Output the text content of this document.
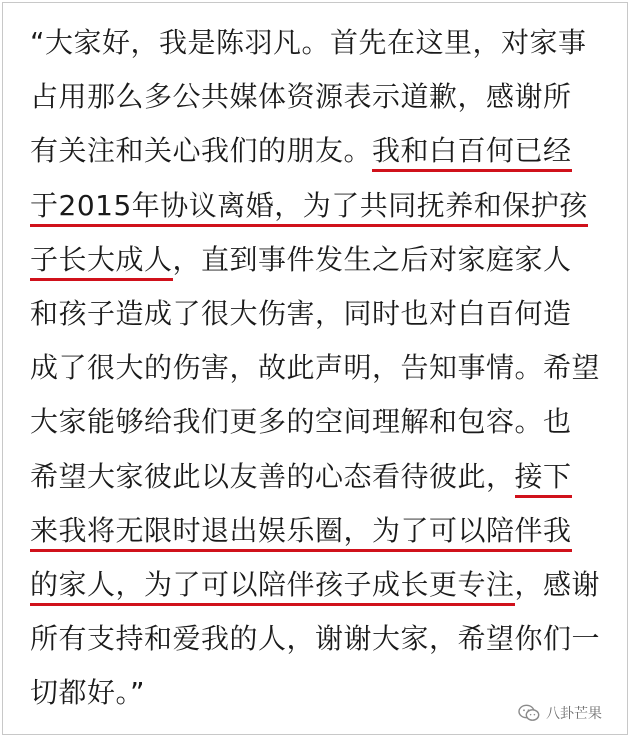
“大家好，我是陈羽凡。首先在这里，对家事
占用那么多公共媒体资源表示道歉，感谢所
有关注和关心我们的朋友。我和白百何已经
于2015年协议离婚，为了共同抚养和保护孩
子长大成人，直到事件发生之后对家庭家人
和孩子造成了很大伤害，同时也对白百何造
成了很大的伤害，故此声明，告知事情。希望
大家能够给我们更多的空间理解和包容。也
希望大家彼此以友善的心态看待彼此，接下
来我将无限时退出娱乐圈，为了可以陪伴我
的家人，为了可以陪伴孩子成长更专注，感谢
所有支持和爱我的人，谢谢大家，希望你们一
切都好。”
八卦芒果
